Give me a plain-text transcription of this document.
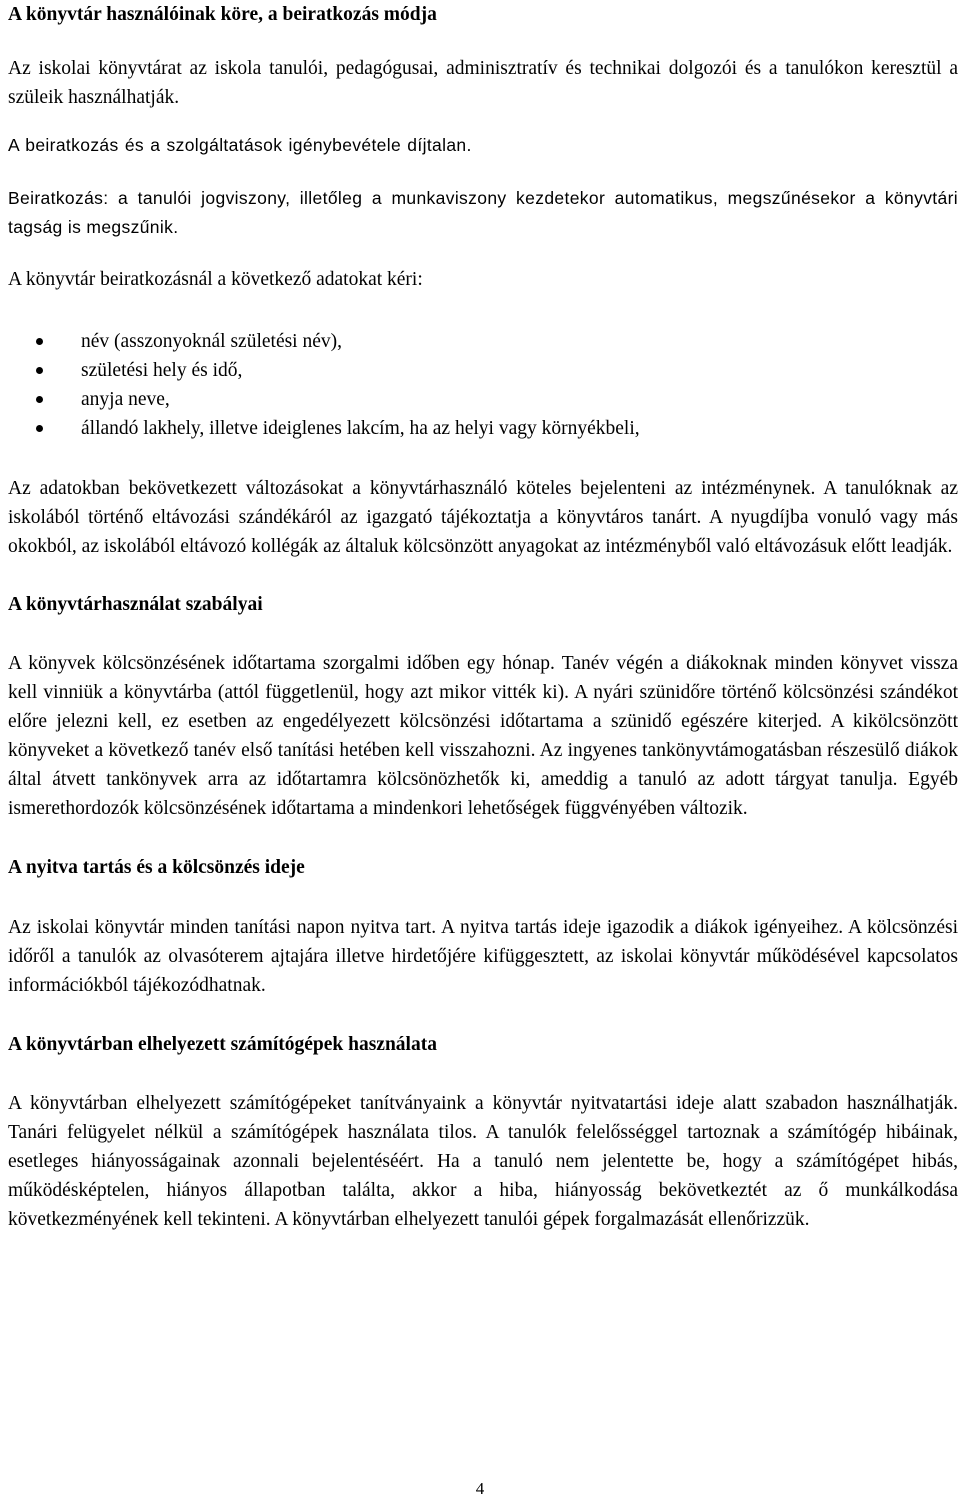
A könyvtár használóinak köre, a beiratkozás módja

Az iskolai könyvtárat az iskola tanulói, pedagógusai, adminisztratív és technikai dolgozói és a tanulókon keresztül a szüleik használhatják.

A beiratkozás és a szolgáltatások igénybevétele díjtalan.

Beiratkozás: a tanulói jogviszony, illetőleg a munkaviszony kezdetekor automatikus, megszűnésekor a könyvtári tagság is megszűnik.

A könyvtár beiratkozásnál a következő adatokat kéri:

név (asszonyoknál születési név),
születési hely és idő,
anyja neve,
állandó lakhely, illetve ideiglenes lakcím, ha az helyi vagy környékbeli,

Az adatokban bekövetkezett változásokat a könyvtárhasználó köteles bejelenteni az intézménynek. A tanulóknak az iskolából történő eltávozási szándékáról az igazgató tájékoztatja a könyvtáros tanárt. A nyugdíjba vonuló vagy más okokból, az iskolából eltávozó kollégák az általuk kölcsönzött anyagokat az intézményből való eltávozásuk előtt leadják.

A könyvtárhasználat szabályai

A könyvek kölcsönzésének időtartama szorgalmi időben egy hónap. Tanév végén a diákoknak minden könyvet vissza kell vinniük a könyvtárba (attól függetlenül, hogy azt mikor vitték ki). A nyári szünidőre történő kölcsönzési szándékot előre jelezni kell, ez esetben az engedélyezett kölcsönzési időtartama a szünidő egészére kiterjed. A kikölcsönzött könyveket a következő tanév első tanítási hetében kell visszahozni. Az ingyenes tankönyvtámogatásban részesülő diákok által átvett tankönyvek arra az időtartamra kölcsönözhetők ki, ameddig a tanuló az adott tárgyat tanulja. Egyéb ismerethordozók kölcsönzésének időtartama a mindenkori lehetőségek függvényében változik.

A nyitva tartás és a kölcsönzés ideje

Az iskolai könyvtár minden tanítási napon nyitva tart. A nyitva tartás ideje igazodik a diákok igényeihez. A kölcsönzési időről a tanulók az olvasóterem ajtajára illetve hirdetőjére kifüggesztett, az iskolai könyvtár működésével kapcsolatos információkból tájékozódhatnak.

A könyvtárban elhelyezett számítógépek használata

A könyvtárban elhelyezett számítógépeket tanítványaink a könyvtár nyitvatartási ideje alatt szabadon használhatják. Tanári felügyelet nélkül a számítógépek használata tilos. A tanulók felelősséggel tartoznak a számítógép hibáinak, esetleges hiányosságainak azonnali bejelentéséért. Ha a tanuló nem jelentette be, hogy a számítógépet hibás, működésképtelen, hiányos állapotban találta, akkor a hiba, hiányosság bekövetkeztét az ő munkálkodása következményének kell tekinteni. A könyvtárban elhelyezett tanulói gépek forgalmazását ellenőrizzük.

4
